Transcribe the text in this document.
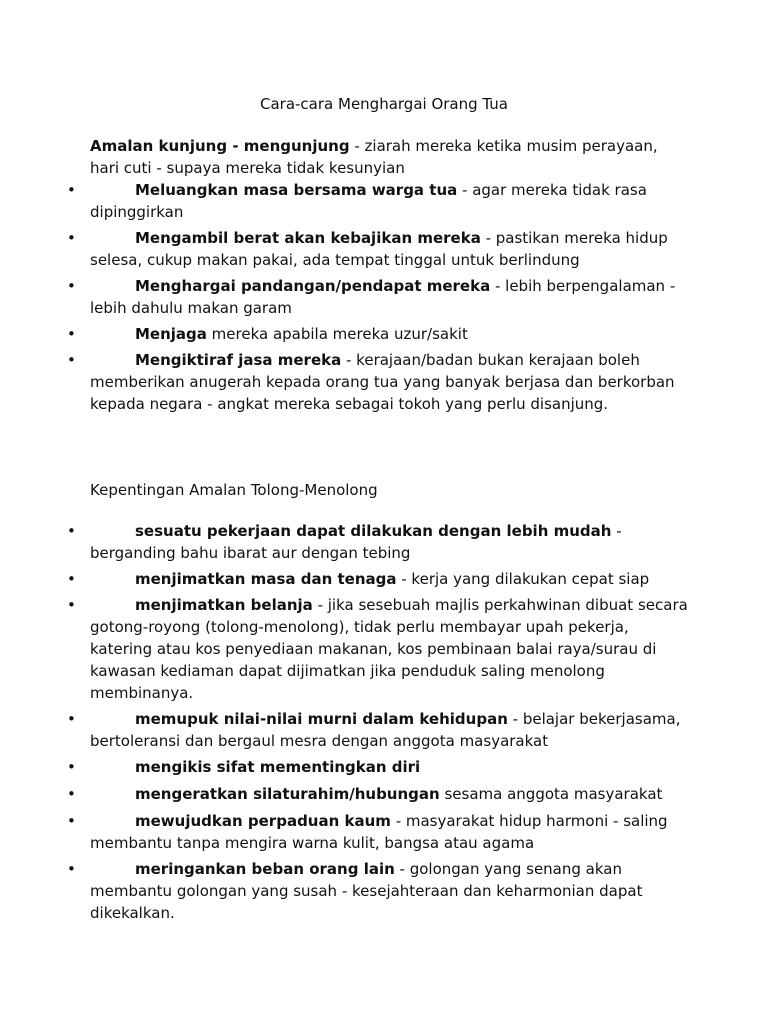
Cara-cara Menghargai Orang Tua
Amalan kunjung - mengunjung - ziarah mereka ketika musim perayaan, hari cuti - supaya mereka tidak kesunyian
•	Meluangkan masa bersama warga tua - agar mereka tidak rasa dipinggirkan
•	Mengambil berat akan kebajikan mereka - pastikan mereka hidup selesa, cukup makan pakai, ada tempat tinggal untuk berlindung
•	Menghargai pandangan/pendapat mereka - lebih berpengalaman - lebih dahulu makan garam
•	Menjaga mereka apabila mereka uzur/sakit
•	Mengiktiraf jasa mereka - kerajaan/badan bukan kerajaan boleh memberikan anugerah kepada orang tua yang banyak berjasa dan berkorban kepada negara - angkat mereka sebagai tokoh yang perlu disanjung.
Kepentingan Amalan Tolong-Menolong
•	sesuatu pekerjaan dapat dilakukan dengan lebih mudah - berganding bahu ibarat aur dengan tebing
•	menjimatkan masa dan tenaga - kerja yang dilakukan cepat siap
•	menjimatkan belanja - jika sesebuah majlis perkahwinan dibuat secara gotong-royong (tolong-menolong), tidak perlu membayar upah pekerja, katering atau kos penyediaan makanan, kos pembinaan balai raya/surau di kawasan kediaman dapat dijimatkan jika penduduk saling menolong membinanya.
•	memupuk nilai-nilai murni dalam kehidupan - belajar bekerjasama, bertoleransi dan bergaul mesra dengan anggota masyarakat
•	mengikis sifat mementingkan diri
•	mengeratkan silaturahim/hubungan sesama anggota masyarakat
•	mewujudkan perpaduan kaum - masyarakat hidup harmoni - saling membantu tanpa mengira warna kulit, bangsa atau agama
•	meringankan beban orang lain - golongan yang senang akan membantu golongan yang susah - kesejahteraan dan keharmonian dapat dikekalkan.
